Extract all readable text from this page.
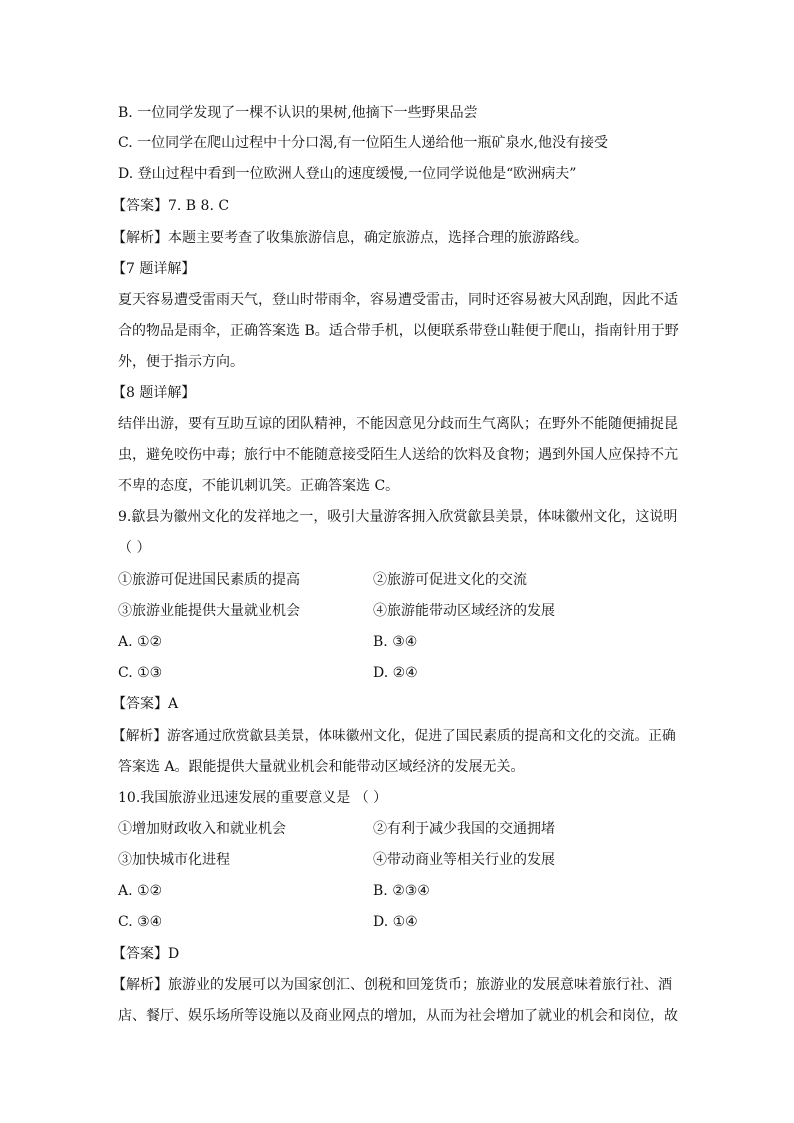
B. 一位同学发现了一棵不认识的果树,他摘下一些野果品尝
C. 一位同学在爬山过程中十分口渴,有一位陌生人递给他一瓶矿泉水,他没有接受
D. 登山过程中看到一位欧洲人登山的速度缓慢,一位同学说他是“欧洲病夫”
【答案】7. B 8. C
【解析】本题主要考查了收集旅游信息，确定旅游点，选择合理的旅游路线。
【7 题详解】
夏天容易遭受雷雨天气，登山时带雨伞，容易遭受雷击，同时还容易被大风刮跑，因此不适
合的物品是雨伞，正确答案选 B。适合带手机，以便联系带登山鞋便于爬山，指南针用于野
外，便于指示方向。
【8 题详解】
结伴出游，要有互助互谅的团队精神，不能因意见分歧而生气离队；在野外不能随便捕捉昆
虫，避免咬伤中毒；旅行中不能随意接受陌生人送给的饮料及食物；遇到外国人应保持不亢
不卑的态度，不能讥刺讥笑。正确答案选 C。
9.歙县为徽州文化的发祥地之一，吸引大量游客拥入欣赏歙县美景，体味徽州文化，这说明
（ ）
①旅游可促进国民素质的提高	②旅游可促进文化的交流
③旅游业能提供大量就业机会	④旅游能带动区域经济的发展
A. ①②	B. ③④
C. ①③	D. ②④
【答案】A
【解析】游客通过欣赏歙县美景，体味徽州文化，促进了国民素质的提高和文化的交流。正确
答案选 A。跟能提供大量就业机会和能带动区域经济的发展无关。
10.我国旅游业迅速发展的重要意义是 （ ）
①增加财政收入和就业机会	②有利于减少我国的交通拥堵
③加快城市化进程	④带动商业等相关行业的发展
A. ①②	B. ②③④
C. ③④	D. ①④
【答案】D
【解析】旅游业的发展可以为国家创汇、创税和回笼货币；旅游业的发展意味着旅行社、酒
店、餐厅、娱乐场所等设施以及商业网点的增加，从而为社会增加了就业的机会和岗位，故
